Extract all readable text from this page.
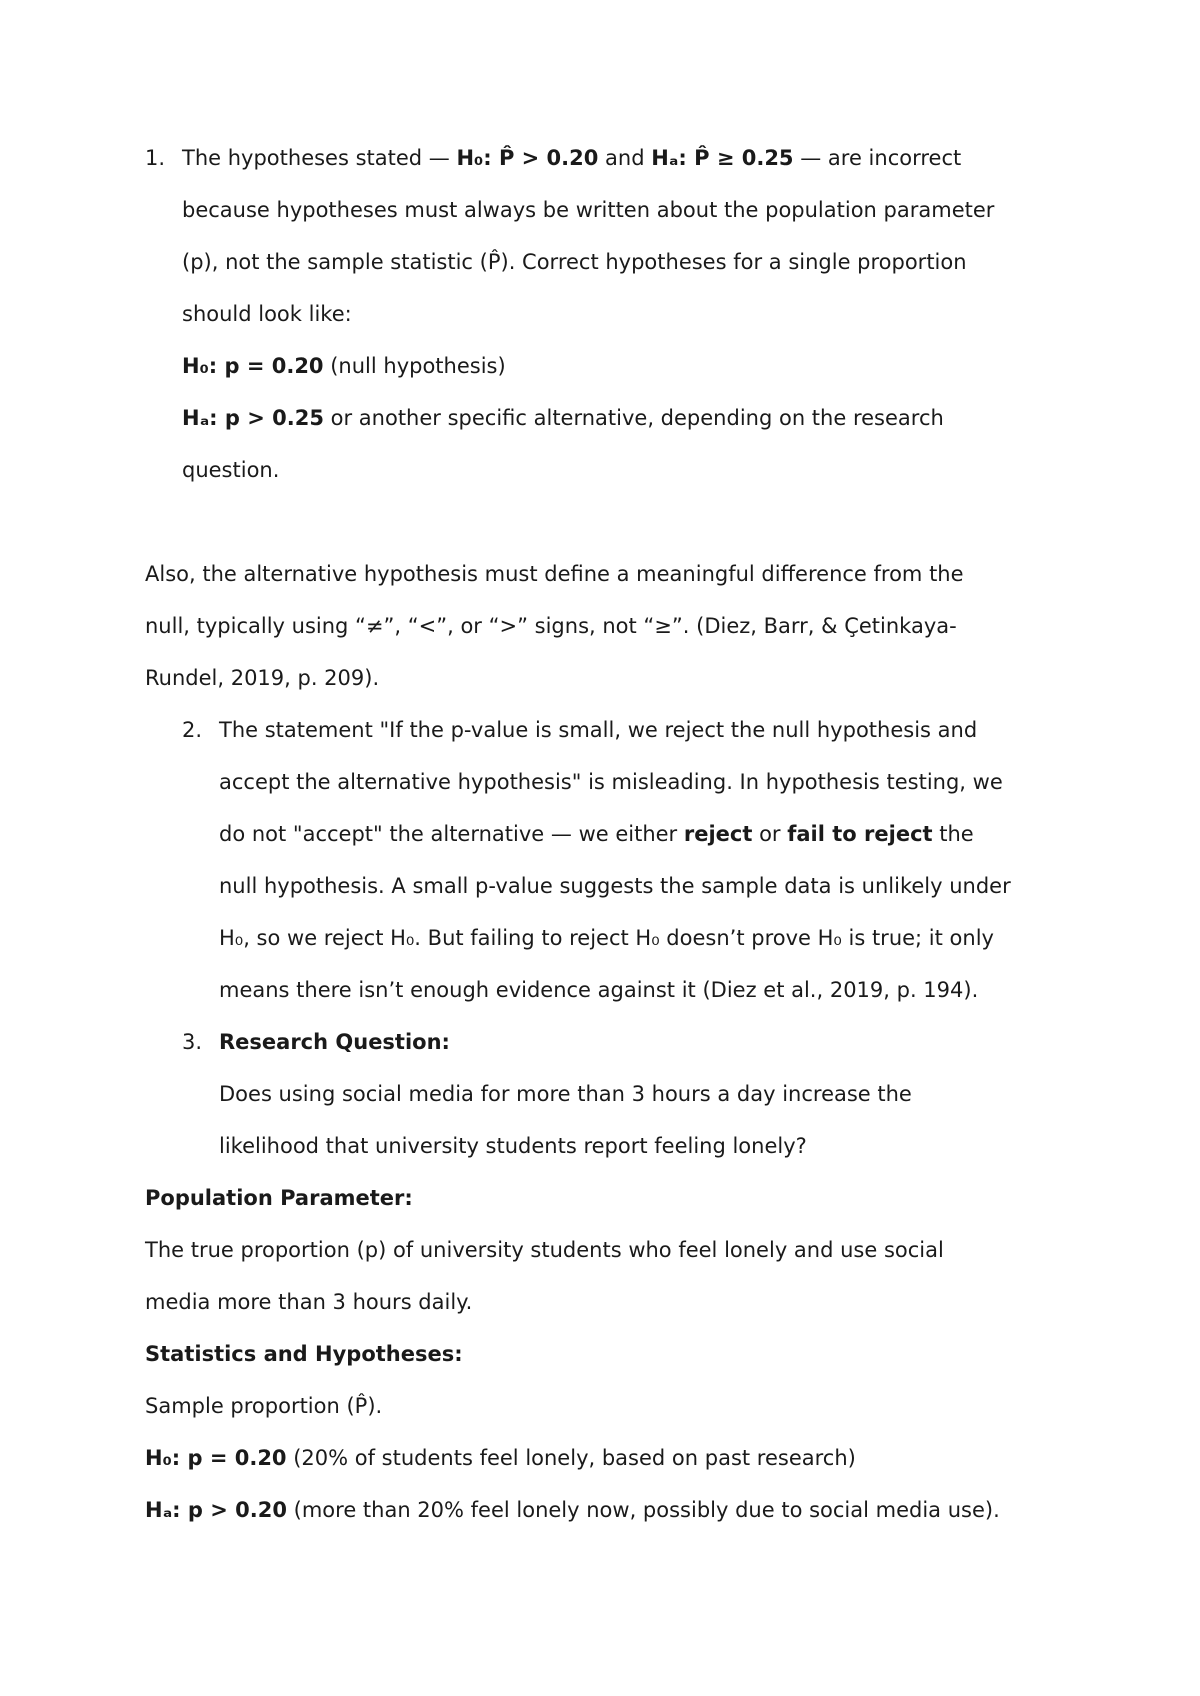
1. The hypotheses stated — H₀: P̂ > 0.20 and Hₐ: P̂ ≥ 0.25 — are incorrect
because hypotheses must always be written about the population parameter
(p), not the sample statistic (P̂). Correct hypotheses for a single proportion
should look like:
H₀: p = 0.20 (null hypothesis)
Hₐ: p > 0.25 or another specific alternative, depending on the research
question.
Also, the alternative hypothesis must define a meaningful difference from the
null, typically using “≠”, “<”, or “>” signs, not “≥”. (Diez, Barr, & Çetinkaya-
Rundel, 2019, p. 209).
2. The statement "If the p-value is small, we reject the null hypothesis and
accept the alternative hypothesis" is misleading. In hypothesis testing, we
do not "accept" the alternative — we either reject or fail to reject the
null hypothesis. A small p-value suggests the sample data is unlikely under
H₀, so we reject H₀. But failing to reject H₀ doesn’t prove H₀ is true; it only
means there isn’t enough evidence against it (Diez et al., 2019, p. 194).
3. Research Question:
Does using social media for more than 3 hours a day increase the
likelihood that university students report feeling lonely?
Population Parameter:
The true proportion (p) of university students who feel lonely and use social
media more than 3 hours daily.
Statistics and Hypotheses:
Sample proportion (P̂).
H₀: p = 0.20 (20% of students feel lonely, based on past research)
Hₐ: p > 0.20 (more than 20% feel lonely now, possibly due to social media use).
